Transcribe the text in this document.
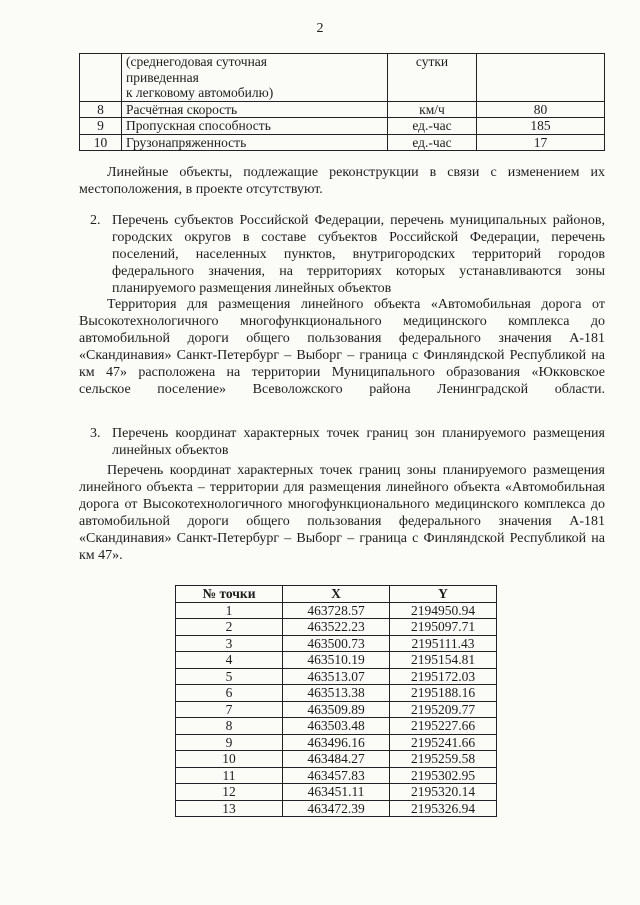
2

	(среднегодовая суточная
приведенная
к легковому автомобилю)	сутки	
8	Расчётная скорость	км/ч	80
9	Пропускная способность	ед.-час	185
10	Грузонапряженность	ед.-час	17

Линейные объекты, подлежащие реконструкции в связи с изменением их местоположения, в проекте отсутствуют.

2. Перечень субъектов Российской Федерации, перечень муниципальных районов, городских округов в составе субъектов Российской Федерации, перечень поселений, населенных пунктов, внутригородских территорий городов федерального значения, на территориях которых устанавливаются зоны планируемого размещения линейных объектов

Территория для размещения линейного объекта «Автомобильная дорога от Высокотехнологичного многофункционального медицинского комплекса до автомобильной дороги общего пользования федерального значения А-181 «Скандинавия» Санкт-Петербург – Выборг – граница с Финляндской Республикой на км 47» расположена на территории Муниципального образования «Юкковское сельское поселение» Всеволожского района Ленинградской области.

3. Перечень координат характерных точек границ зон планируемого размещения линейных объектов

Перечень координат характерных точек границ зоны планируемого размещения линейного объекта – территории для размещения линейного объекта «Автомобильная дорога от Высокотехнологичного многофункционального медицинского комплекса до автомобильной дороги общего пользования федерального значения А-181 «Скандинавия» Санкт-Петербург – Выборг – граница с Финляндской Республикой на км 47».

№ точки	X	Y
1	463728.57	2194950.94
2	463522.23	2195097.71
3	463500.73	2195111.43
4	463510.19	2195154.81
5	463513.07	2195172.03
6	463513.38	2195188.16
7	463509.89	2195209.77
8	463503.48	2195227.66
9	463496.16	2195241.66
10	463484.27	2195259.58
11	463457.83	2195302.95
12	463451.11	2195320.14
13	463472.39	2195326.94
